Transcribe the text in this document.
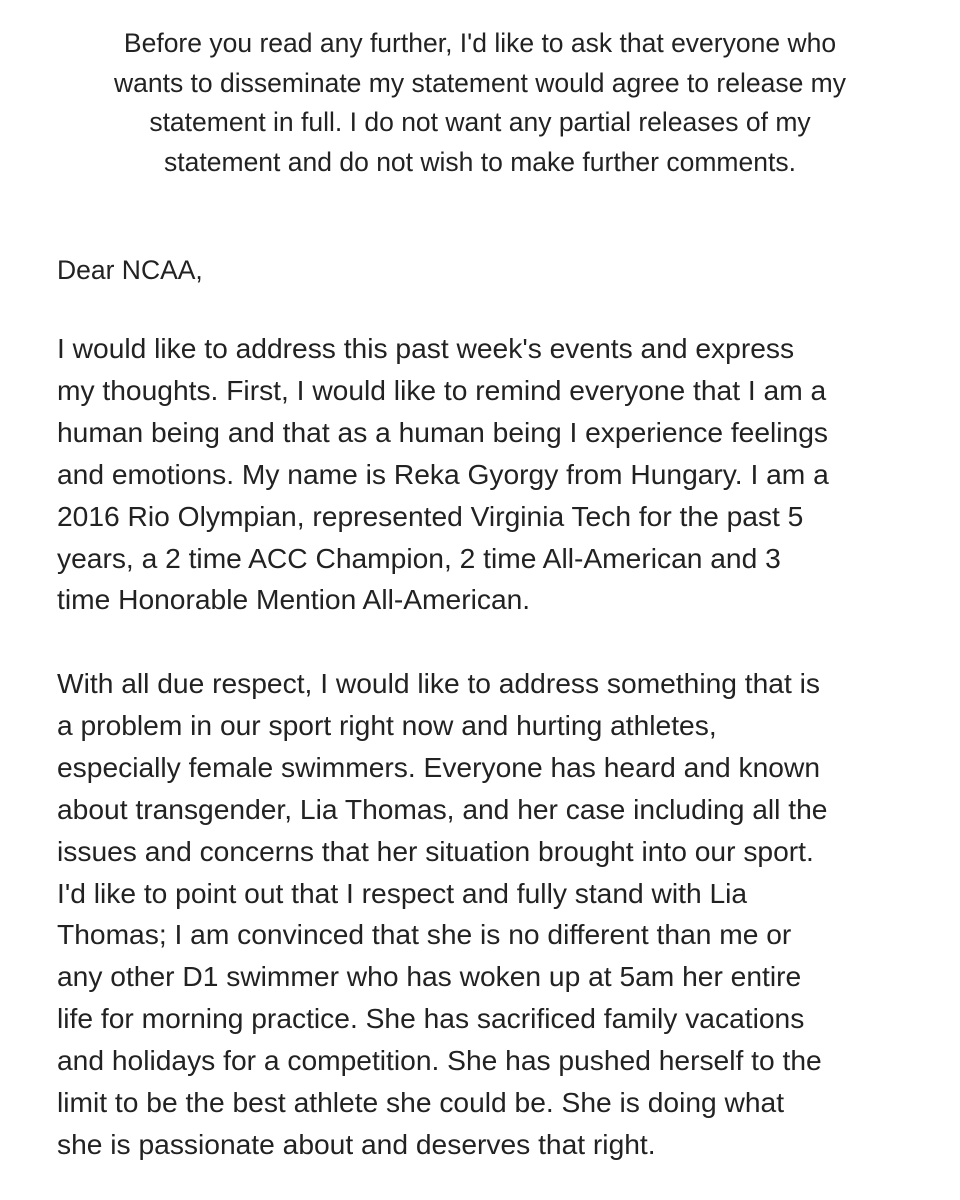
Before you read any further, I'd like to ask that everyone who
wants to disseminate my statement would agree to release my
statement in full. I do not want any partial releases of my
statement and do not wish to make further comments.
Dear NCAA,
I would like to address this past week's events and express
my thoughts. First, I would like to remind everyone that I am a
human being and that as a human being I experience feelings
and emotions. My name is Reka Gyorgy from Hungary. I am a
2016 Rio Olympian, represented Virginia Tech for the past 5
years, a 2 time ACC Champion, 2 time All-American and 3
time Honorable Mention All-American.
With all due respect, I would like to address something that is
a problem in our sport right now and hurting athletes,
especially female swimmers. Everyone has heard and known
about transgender, Lia Thomas, and her case including all the
issues and concerns that her situation brought into our sport.
I'd like to point out that I respect and fully stand with Lia
Thomas; I am convinced that she is no different than me or
any other D1 swimmer who has woken up at 5am her entire
life for morning practice. She has sacrificed family vacations
and holidays for a competition. She has pushed herself to the
limit to be the best athlete she could be. She is doing what
she is passionate about and deserves that right.
